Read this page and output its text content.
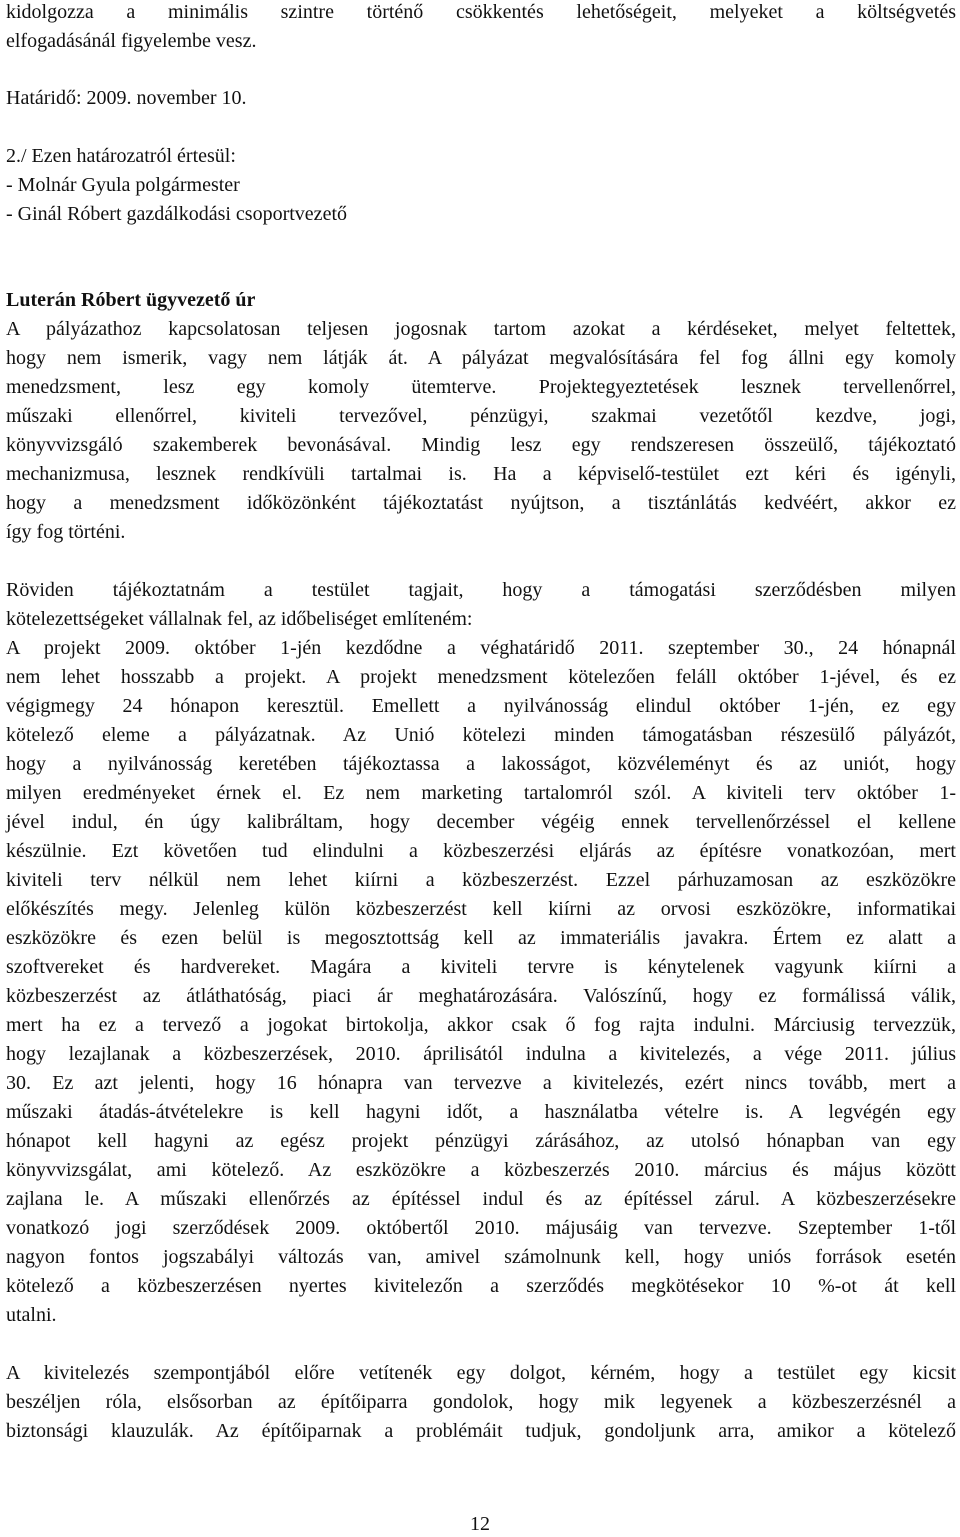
kidolgozza a minimális szintre történő csökkentés lehetőségeit, melyeket a költségvetés
elfogadásánál figyelembe vesz.
Határidő: 2009. november 10.
2./ Ezen határozatról értesül:
- Molnár Gyula polgármester
- Ginál Róbert gazdálkodási csoportvezető
Luterán Róbert ügyvezető úr
A pályázathoz kapcsolatosan teljesen jogosnak tartom azokat a kérdéseket, melyet feltettek,
hogy nem ismerik, vagy nem látják át. A pályázat megvalósítására fel fog állni egy komoly
menedzsment, lesz egy komoly ütemterve. Projektegyeztetések lesznek tervellenőrrel,
műszaki ellenőrrel, kiviteli tervezővel, pénzügyi, szakmai vezetőtől kezdve, jogi,
könyvvizsgáló szakemberek bevonásával. Mindig lesz egy rendszeresen összeülő, tájékoztató
mechanizmusa, lesznek rendkívüli tartalmai is. Ha a képviselő-testület ezt kéri és igényli,
hogy a menedzsment időközönként tájékoztatást nyújtson, a tisztánlátás kedvéért, akkor ez
így fog történi.
Röviden tájékoztatnám a testület tagjait, hogy a támogatási szerződésben milyen
kötelezettségeket vállalnak fel, az időbeliséget említeném:
A projekt 2009. október 1-jén kezdődne a véghatáridő 2011. szeptember 30., 24 hónapnál
nem lehet hosszabb a projekt. A projekt menedzsment kötelezően feláll október 1-jével, és ez
végigmegy 24 hónapon keresztül. Emellett a nyilvánosság elindul október 1-jén, ez egy
kötelező eleme a pályázatnak. Az Unió kötelezi minden támogatásban részesülő pályázót,
hogy a nyilvánosság keretében tájékoztassa a lakosságot, közvéleményt és az uniót, hogy
milyen eredményeket érnek el. Ez nem marketing tartalomról szól. A kiviteli terv október 1-
jével indul, én úgy kalibráltam, hogy december végéig ennek tervellenőrzéssel el kellene
készülnie. Ezt követően tud elindulni a közbeszerzési eljárás az építésre vonatkozóan, mert
kiviteli terv nélkül nem lehet kiírni a közbeszerzést. Ezzel párhuzamosan az eszközökre
előkészítés megy. Jelenleg külön közbeszerzést kell kiírni az orvosi eszközökre, informatikai
eszközökre és ezen belül is megosztottság kell az immateriális javakra. Értem ez alatt a
szoftvereket és hardvereket. Magára a kiviteli tervre is kénytelenek vagyunk kiírni a
közbeszerzést az átláthatóság, piaci ár meghatározására. Valószínű, hogy ez formálissá válik,
mert ha ez a tervező a jogokat birtokolja, akkor csak ő fog rajta indulni. Márciusig tervezzük,
hogy lezajlanak a közbeszerzések, 2010. áprilisától indulna a kivitelezés, a vége 2011. július
30. Ez azt jelenti, hogy 16 hónapra van tervezve a kivitelezés, ezért nincs tovább, mert a
műszaki átadás-átvételekre is kell hagyni időt, a használatba vételre is. A legvégén egy
hónapot kell hagyni az egész projekt pénzügyi zárásához, az utolsó hónapban van egy
könyvvizsgálat, ami kötelező. Az eszközökre a közbeszerzés 2010. március és május között
zajlana le. A műszaki ellenőrzés az építéssel indul és az építéssel zárul. A közbeszerzésekre
vonatkozó jogi szerződések 2009. októbertől 2010. májusáig van tervezve. Szeptember 1-től
nagyon fontos jogszabályi változás van, amivel számolnunk kell, hogy uniós források esetén
kötelező a közbeszerzésen nyertes kivitelezőn a szerződés megkötésekor 10 %-ot át kell
utalni.
A kivitelezés szempontjából előre vetítenék egy dolgot, kérném, hogy a testület egy kicsit
beszéljen róla, elsősorban az építőiparra gondolok, hogy mik legyenek a közbeszerzésnél a
biztonsági klauzulák. Az építőiparnak a problémáit tudjuk, gondoljunk arra, amikor a kötelező
12
